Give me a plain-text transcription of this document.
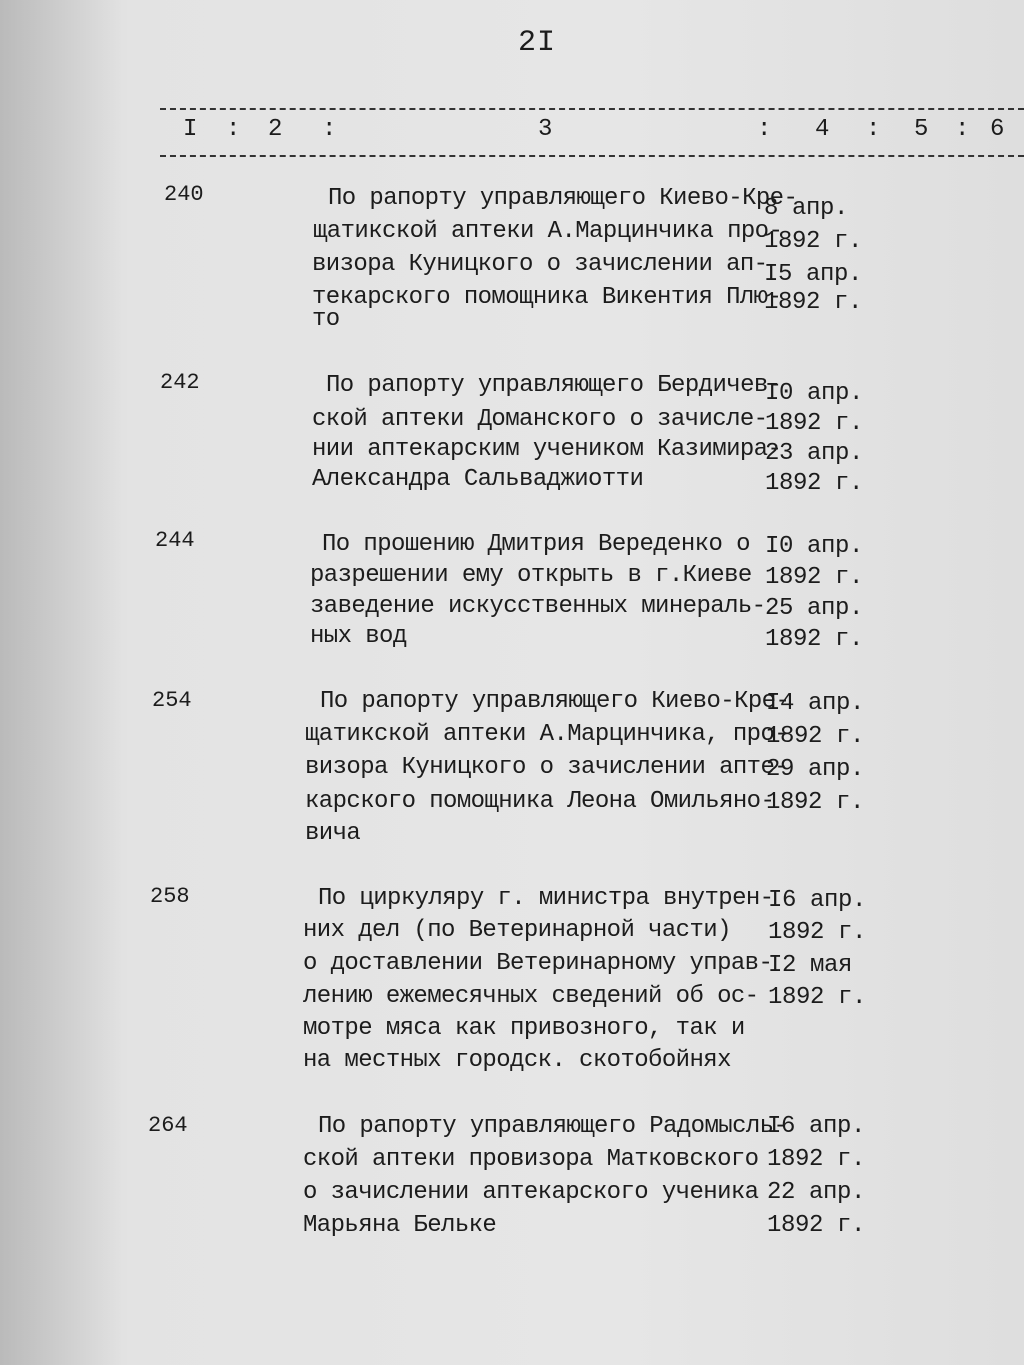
2I
I : 2 :	3	: 4 : 5 : 6
240	По рапорту управляющего Киево-Кре-
щатикской аптеки А.Марцинчика про-
визора Куницкого о зачислении ап-
текарского помощника Викентия Плю-
то
8 апр.
1892 г.
I5 апр.
1892 г.
242	По рапорту управляющего Бердичев-
ской аптеки Доманского о зачисле-
нии аптекарским учеником Казимира-
Александра Сальваджиотти
I0 апр.
1892 г.
23 апр.
1892 г.
244	По прошению Дмитрия Вереденко о
разрешении ему открыть в г.Киеве
заведение искусственных минераль-
ных вод
I0 апр.
1892 г.
25 апр.
1892 г.
254	По рапорту управляющего Киево-Кре-
щатикской аптеки А.Марцинчика, про-
визора Куницкого о зачислении апте-
карского помощника Леона Омильяно-
вича
I4 апр.
1892 г.
29 апр.
1892 г.
258	По циркуляру г. министра внутрен-
них дел (по Ветеринарной части)
о доставлении Ветеринарному управ-
лению ежемесячных сведений об ос-
мотре мяса как привозного, так и
на местных городск. скотобойнях
I6 апр.
1892 г.
I2 мая
1892 г.
264	По рапорту управляющего Радомысль-
ской аптеки провизора Матковского
о зачислении аптекарского ученика
Марьяна Бельке
I6 апр.
1892 г.
22 апр.
1892 г.
